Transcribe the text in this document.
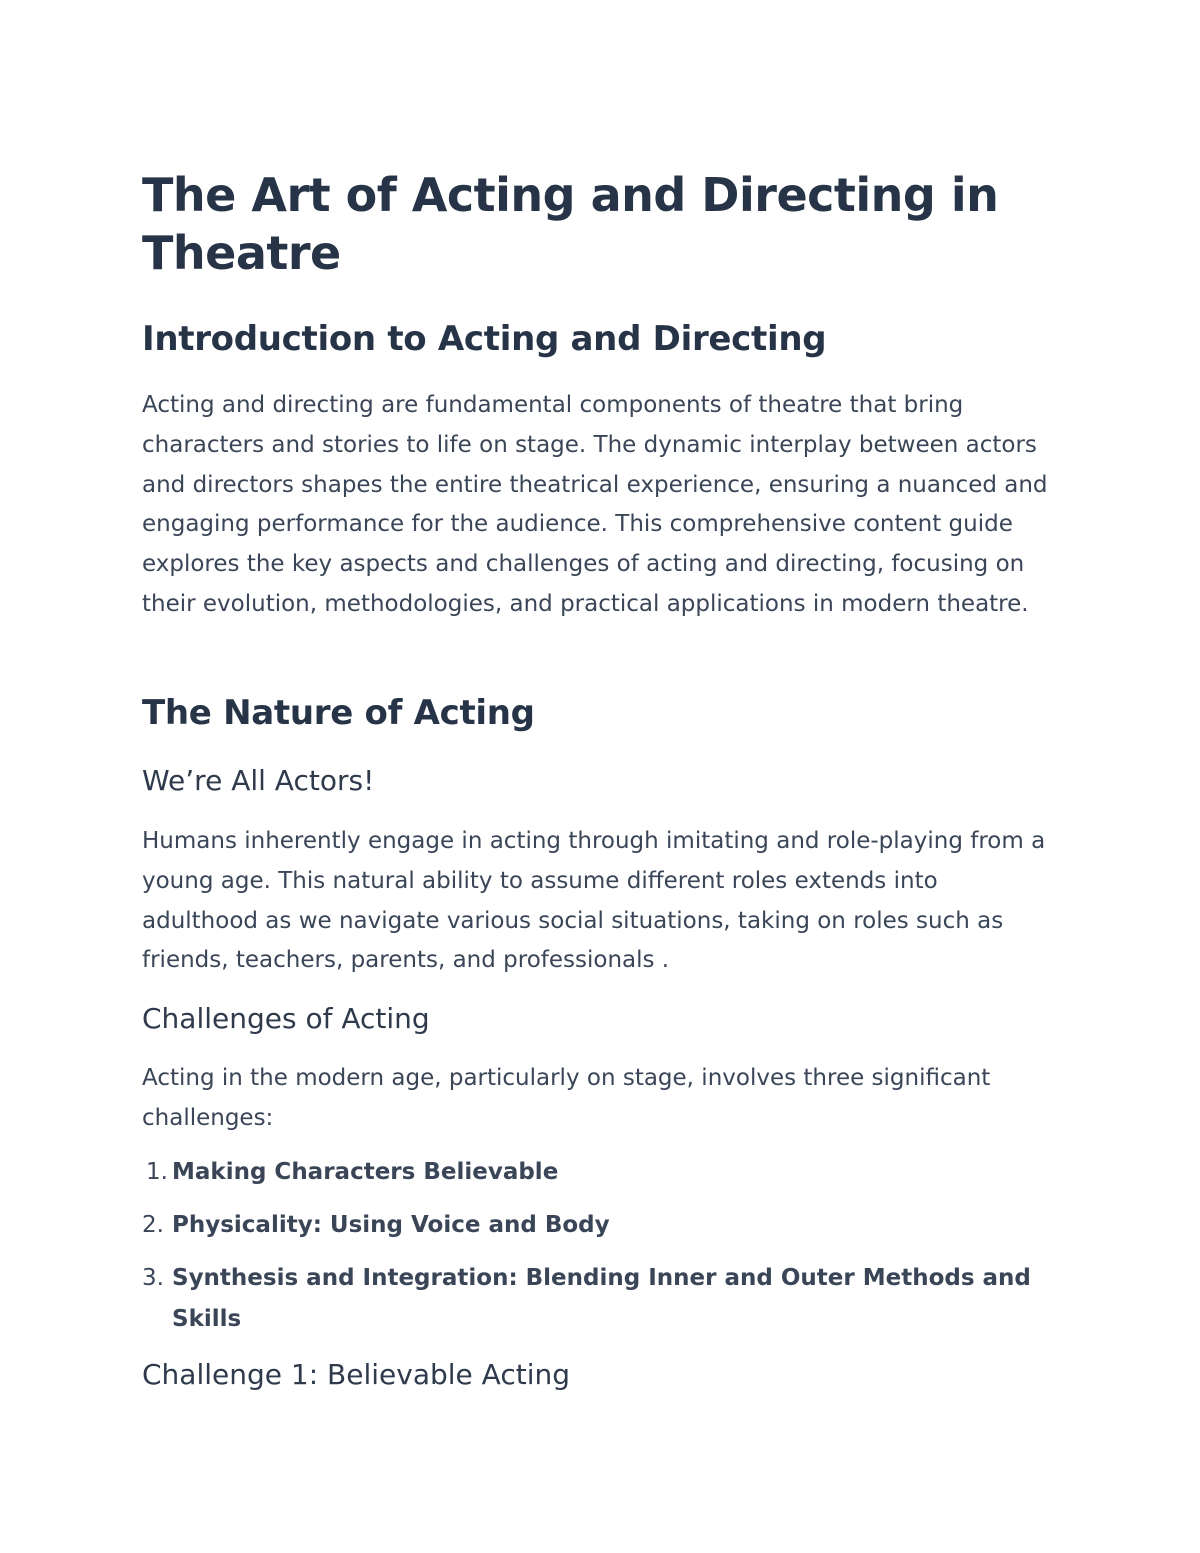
The Art of Acting and Directing in Theatre
Introduction to Acting and Directing

Acting and directing are fundamental components of theatre that bring characters and stories to life on stage. The dynamic interplay between actors and directors shapes the entire theatrical experience, ensuring a nuanced and engaging performance for the audience. This comprehensive content guide explores the key aspects and challenges of acting and directing, focusing on their evolution, methodologies, and practical applications in modern theatre.

The Nature of Acting
We’re All Actors!

Humans inherently engage in acting through imitating and role-playing from a young age. This natural ability to assume different roles extends into adulthood as we navigate various social situations, taking on roles such as friends, teachers, parents, and professionals .

Challenges of Acting

Acting in the modern age, particularly on stage, involves three significant challenges:

1. Making Characters Believable
2. Physicality: Using Voice and Body
3. Synthesis and Integration: Blending Inner and Outer Methods and Skills
Challenge 1: Believable Acting
